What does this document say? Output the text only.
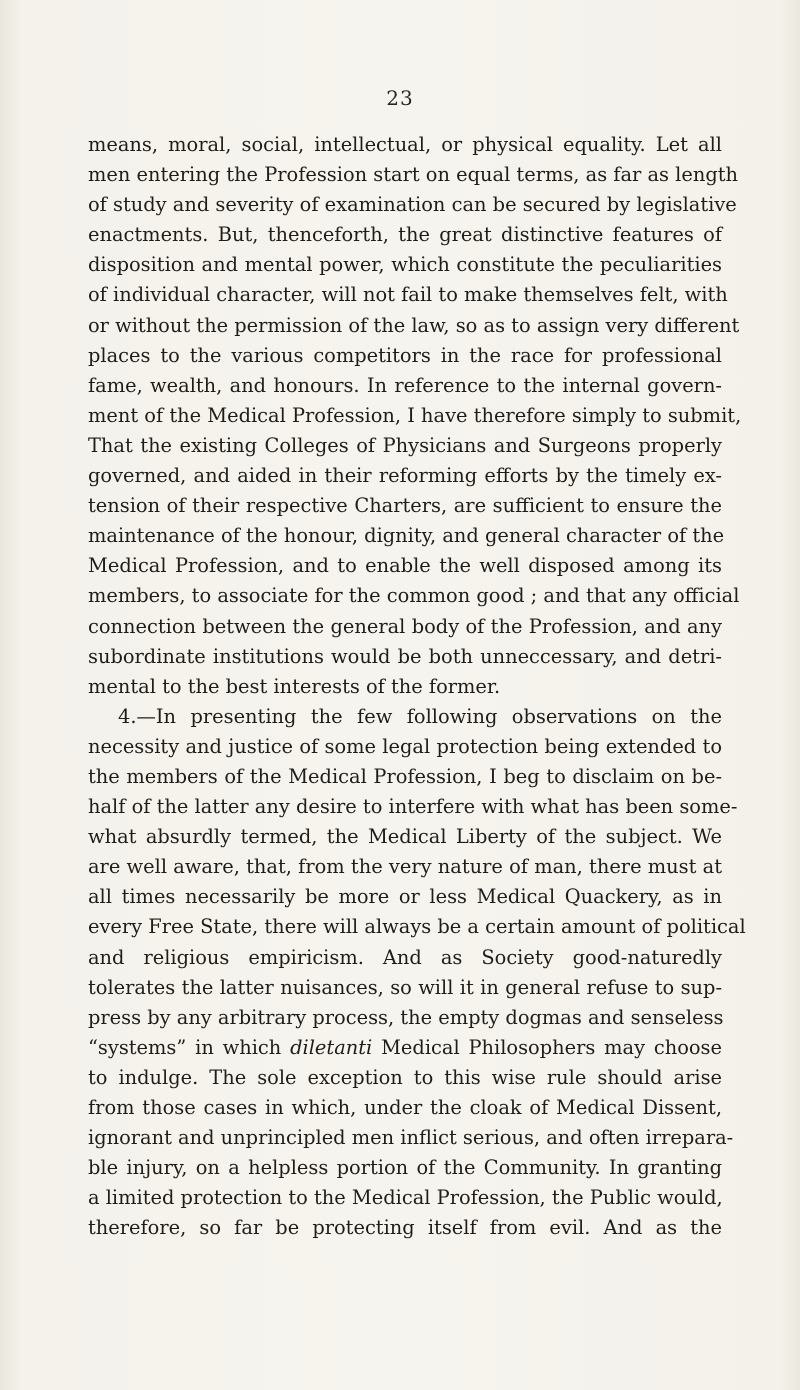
23
means, moral, social, intellectual, or physical equality. Let all
men entering the Profession start on equal terms, as far as length
of study and severity of examination can be secured by legislative
enactments. But, thenceforth, the great distinctive features of
disposition and mental power, which constitute the peculiarities
of individual character, will not fail to make themselves felt, with
or without the permission of the law, so as to assign very different
places to the various competitors in the race for professional
fame, wealth, and honours. In reference to the internal govern-
ment of the Medical Profession, I have therefore simply to submit,
That the existing Colleges of Physicians and Surgeons properly
governed, and aided in their reforming efforts by the timely ex-
tension of their respective Charters, are sufficient to ensure the
maintenance of the honour, dignity, and general character of the
Medical Profession, and to enable the well disposed among its
members, to associate for the common good ; and that any official
connection between the general body of the Profession, and any
subordinate institutions would be both unneccessary, and detri-
mental to the best interests of the former.
4.—In presenting the few following observations on the
necessity and justice of some legal protection being extended to
the members of the Medical Profession, I beg to disclaim on be-
half of the latter any desire to interfere with what has been some-
what absurdly termed, the Medical Liberty of the subject. We
are well aware, that, from the very nature of man, there must at
all times necessarily be more or less Medical Quackery, as in
every Free State, there will always be a certain amount of political
and religious empiricism. And as Society good-naturedly
tolerates the latter nuisances, so will it in general refuse to sup-
press by any arbitrary process, the empty dogmas and senseless
“systems” in which diletanti Medical Philosophers may choose
to indulge. The sole exception to this wise rule should arise
from those cases in which, under the cloak of Medical Dissent,
ignorant and unprincipled men inflict serious, and often irrepara-
ble injury, on a helpless portion of the Community. In granting
a limited protection to the Medical Profession, the Public would,
therefore, so far be protecting itself from evil. And as the
